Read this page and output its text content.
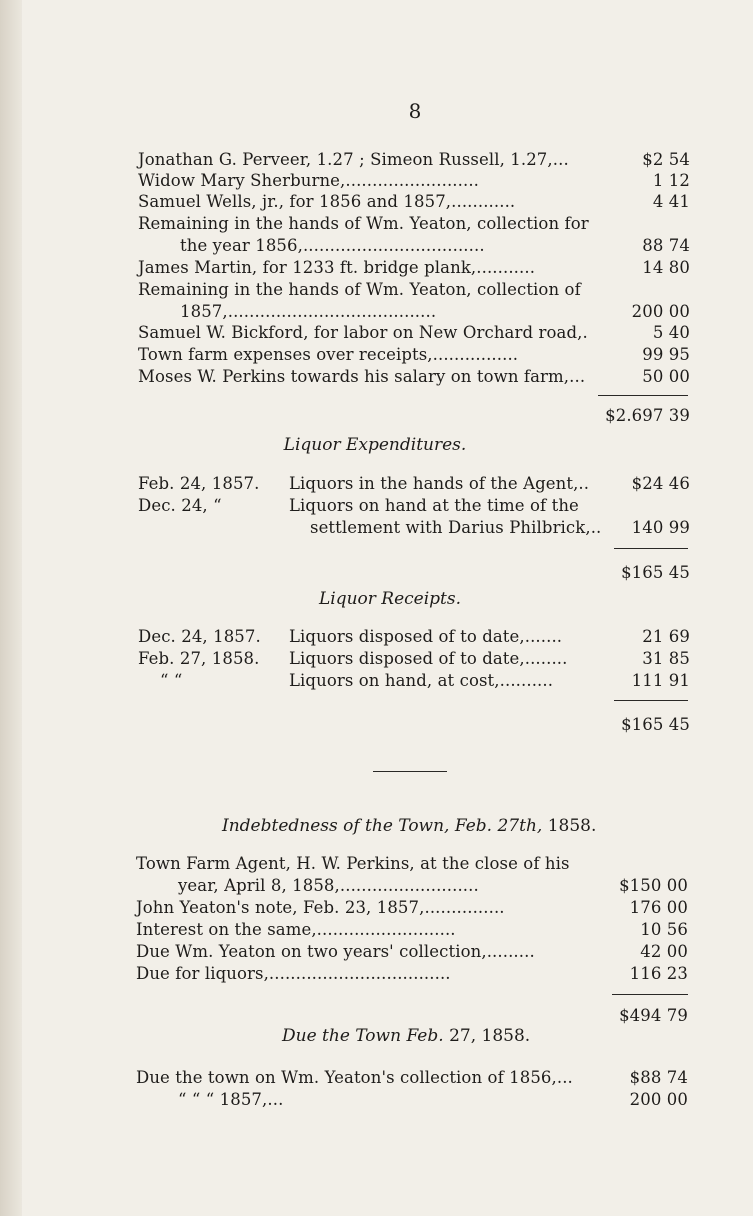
8
Jonathan G. Perveer, 1.27 ; Simeon Russell, 1.27,...	$2 54
Widow Mary Sherburne,.........................	1 12
Samuel Wells, jr., for 1856 and 1857,............	4 41
Remaining in the hands of Wm. Yeaton, collection for
the year 1856,..................................	88 74
James Martin, for 1233 ft. bridge plank,...........	14 80
Remaining in the hands of Wm. Yeaton, collection of
1857,.......................................	200 00
Samuel W. Bickford, for labor on New Orchard road,.	5 40
Town farm expenses over receipts,................	99 95
Moses W. Perkins towards his salary on town farm,...	50 00
$2.697 39
Liquor Expenditures.
Feb. 24, 1857. Liquors in the hands of the Agent,..	$24 46
Dec. 24, “	Liquors on hand at the time of the
settlement with Darius Philbrick,..	140 99
$165 45
Liquor Receipts.
Dec. 24, 1857. Liquors disposed of to date,.......	21 69
Feb. 27, 1858. Liquors disposed of to date,........	31 85
“ “	Liquors on hand, at cost,..........	111 91
$165 45
Indebtedness of the Town, Feb. 27th, 1858.
Town Farm Agent, H. W. Perkins, at the close of his
year, April 8, 1858,..........................	$150 00
John Yeaton's note, Feb. 23, 1857,...............	176 00
Interest on the same,..........................	10 56
Due Wm. Yeaton on two years' collection,.........	42 00
Due for liquors,..................................	116 23
$494 79
Due the Town Feb. 27, 1858.
Due the town on Wm. Yeaton's collection of 1856,...	$88 74
“ “ “ 1857,...	200 00
